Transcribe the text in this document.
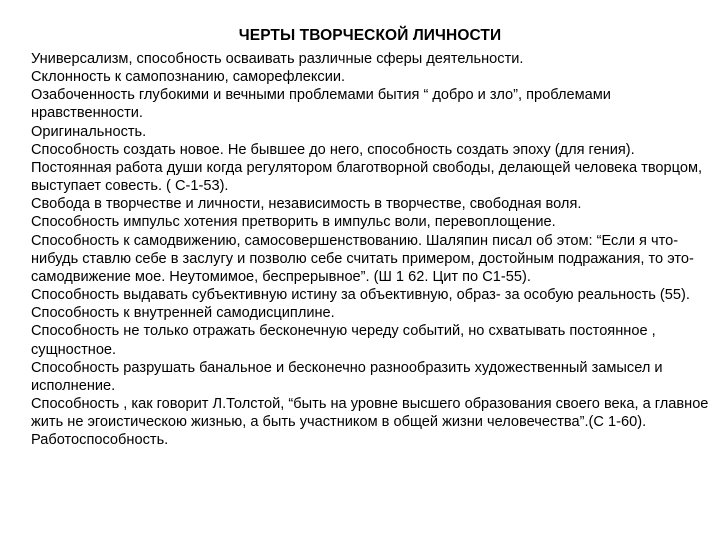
ЧЕРТЫ ТВОРЧЕСКОЙ ЛИЧНОСТИ

Универсализм, способность осваивать различные сферы деятельности.

Склонность к самопознанию, саморефлексии.

Озабоченность глубокими и вечными проблемами бытия “ добро и зло”, проблемами нравственности.

Оригинальность.

Способность создать новое. Не бывшее до него, способность создать эпоху (для гения).

Постоянная работа души когда регулятором благотворной свободы, делающей человека творцом, выступает совесть. ( С-1-53).

Свобода в творчестве и личности, независимость в творчестве, свободная воля.

Способность импульс хотения претворить в импульс воли, перевоплощение.

Способность к самодвижению, самосовершенствованию. Шаляпин писал об этом: “Если я что-нибудь ставлю себе в заслугу и позволю себе считать примером, достойным подражания, то это- самодвижение мое. Неутомимое, беспрерывное”. (Ш 1 62. Цит по С1-55).

Способность выдавать субъективную истину за объективную, образ- за особую реальность (55).

Способность к внутренней самодисциплине.

Способность не только отражать бесконечную череду событий, но схватывать постоянное , сущностное.

Способность разрушать банальное и бесконечно разнообразить художественный замысел и исполнение.

Способность , как говорит Л.Толстой, “быть на уровне высшего образования своего века, а главное жить не эгоистическою жизнью, а быть участником в общей жизни человечества”.(С 1-60).

Работоспособность.
